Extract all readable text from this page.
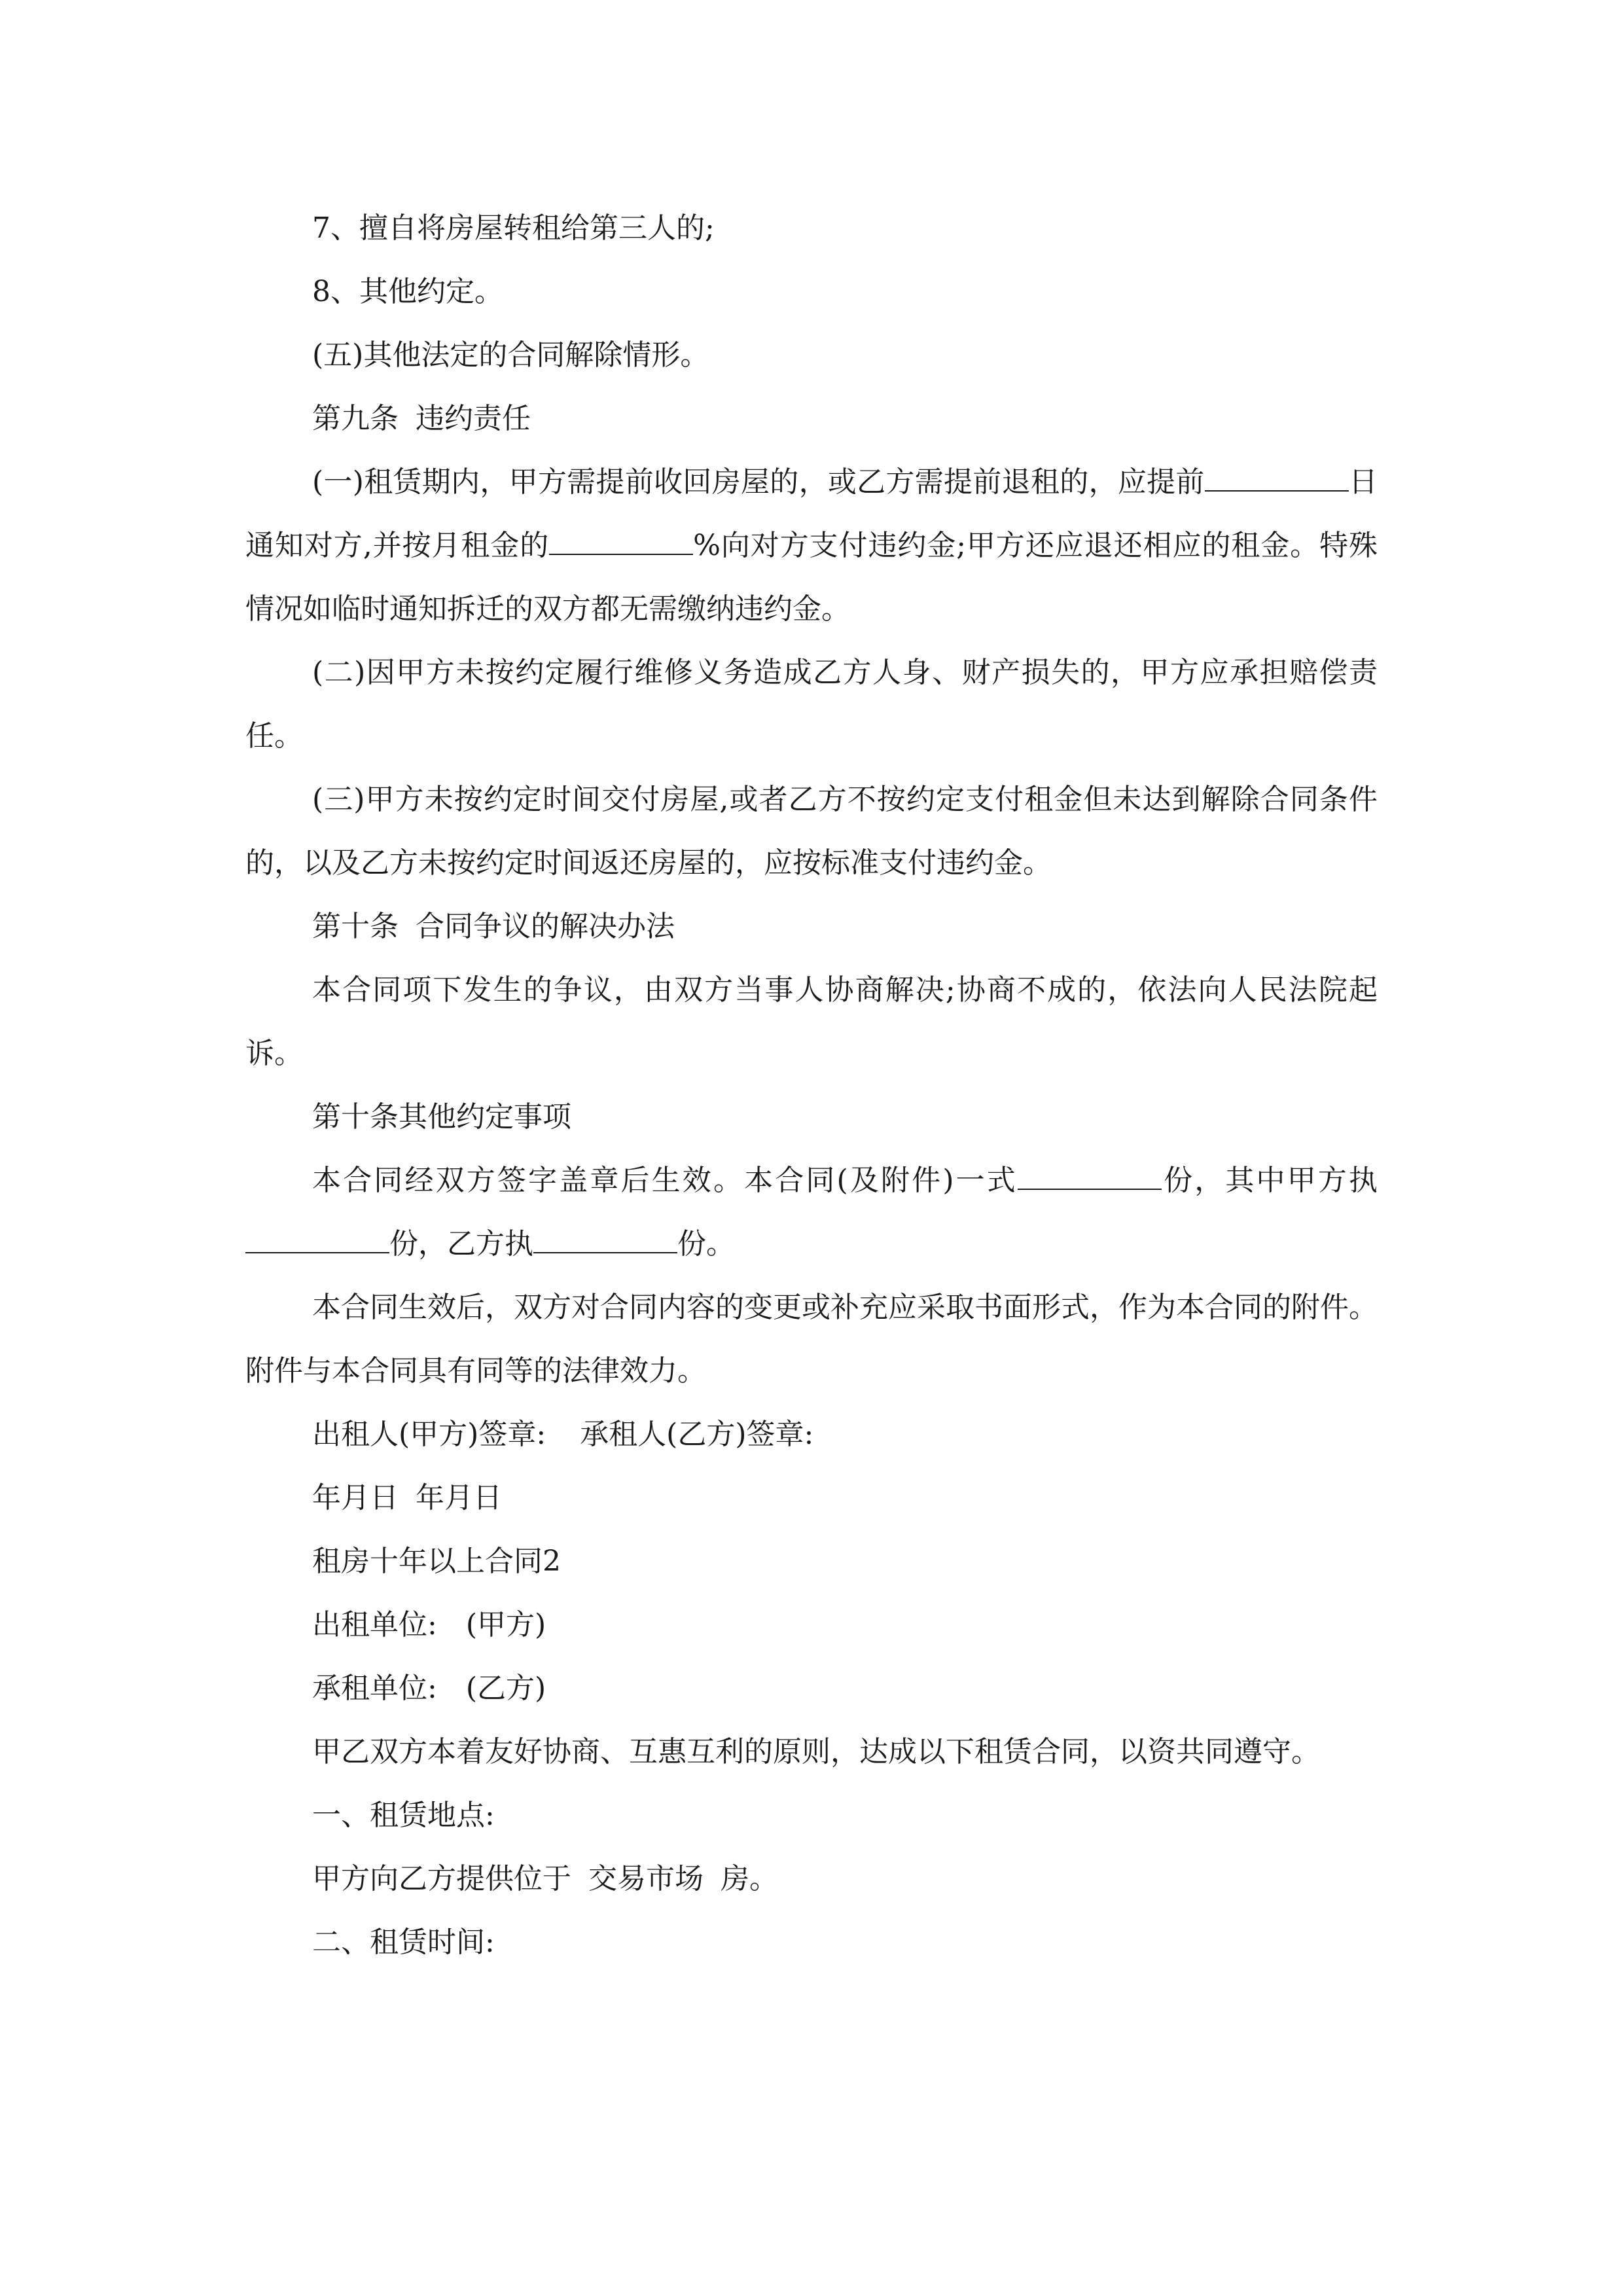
7、擅自将房屋转租给第三人的;

8、其他约定。

(五)其他法定的合同解除情形。

第九条 违约责任

(一)租赁期内，甲方需提前收回房屋的，或乙方需提前退租的，应提前	日通知对方,并按月租金的	%向对方支付违约金;甲方还应退还相应的租金。特殊情况如临时通知拆迁的双方都无需缴纳违约金。

(二)因甲方未按约定履行维修义务造成乙方人身、财产损失的，甲方应承担赔偿责任。

(三)甲方未按约定时间交付房屋,或者乙方不按约定支付租金但未达到解除合同条件的，以及乙方未按约定时间返还房屋的，应按标准支付违约金。

第十条 合同争议的解决办法

本合同项下发生的争议，由双方当事人协商解决;协商不成的，依法向人民法院起诉。

第十条其他约定事项

本合同经双方签字盖章后生效。本合同(及附件)一式	份，其中甲方执份，乙方执	份。

本合同生效后，双方对合同内容的变更或补充应采取书面形式，作为本合同的附件。附件与本合同具有同等的法律效力。

出租人(甲方)签章: 承租人(乙方)签章:

年月日 年月日

租房十年以上合同2

出租单位:　(甲方)

承租单位:　(乙方)

甲乙双方本着友好协商、互惠互利的原则，达成以下租赁合同，以资共同遵守。

一、租赁地点:

甲方向乙方提供位于 交易市场 房。

二、租赁时间:
